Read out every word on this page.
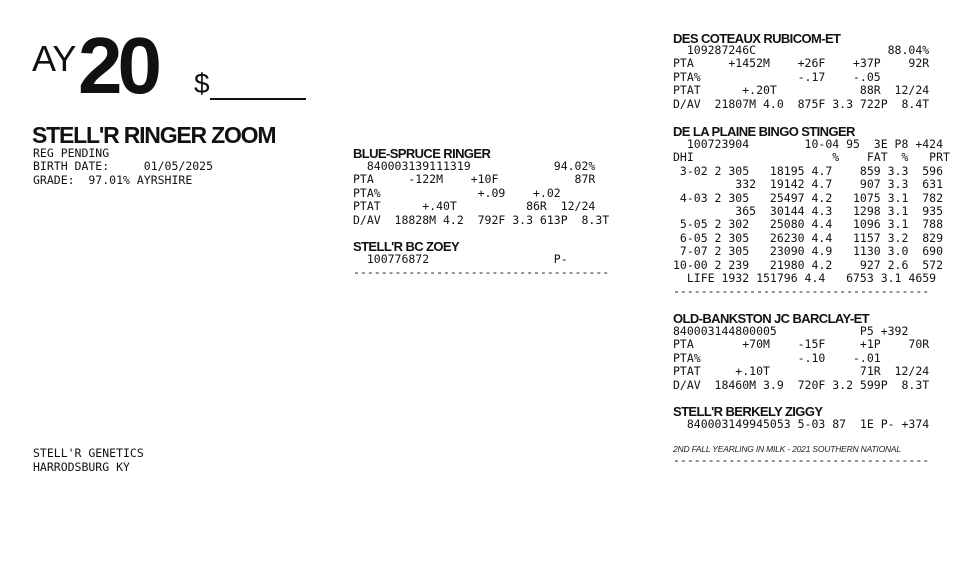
AY 20 $
STELL'R RINGER ZOOM
REG PENDING
BIRTH DATE:     01/05/2025
GRADE:  97.01% AYRSHIRE
STELL'R GENETICS
HARRODSBURG KY
BLUE-SPRUCE RINGER
840003139111319            94.02%
PTA     -122M    +10F           87R
PTA%              +.09    +.02
PTAT      +.40T          86R  12/24
D/AV  18828M 4.2  792F 3.3 613P  8.3T
STELL'R BC ZOEY
100776872                  P-
-------------------------------------
DES COTEAUX RUBICOM-ET
109287246C                   88.04%
PTA     +1452M    +26F    +37P    92R
PTA%              -.17    -.05
PTAT      +.20T            88R  12/24
D/AV  21807M 4.0  875F 3.3 722P  8.4T
DE LA PLAINE BINGO STINGER
100723904        10-04 95  3E P8 +424
DHI                    %    FAT  %   PRT
3-02 2 305   18195 4.7    859 3.3  596
332  19142 4.7    907 3.3  631
4-03 2 305   25497 4.2   1075 3.1  782
365  30144 4.3   1298 3.1  935
5-05 2 302   25080 4.4   1096 3.1  788
6-05 2 305   26230 4.4   1157 3.2  829
7-07 2 305   23090 4.9   1130 3.0  690
10-00 2 239   21980 4.2    927 2.6  572
LIFE 1932 151796 4.4   6753 3.1 4659
-------------------------------------
OLD-BANKSTON JC BARCLAY-ET
840003144800005            P5 +392
PTA       +70M    -15F     +1P    70R
PTA%              -.10    -.01
PTAT     +.10T             71R  12/24
D/AV  18460M 3.9  720F 3.2 599P  8.3T
STELL'R BERKELY ZIGGY
840003149945053 5-03 87  1E P- +374
2ND FALL YEARLING IN MILK - 2021 SOUTHERN NATIONAL
-------------------------------------
